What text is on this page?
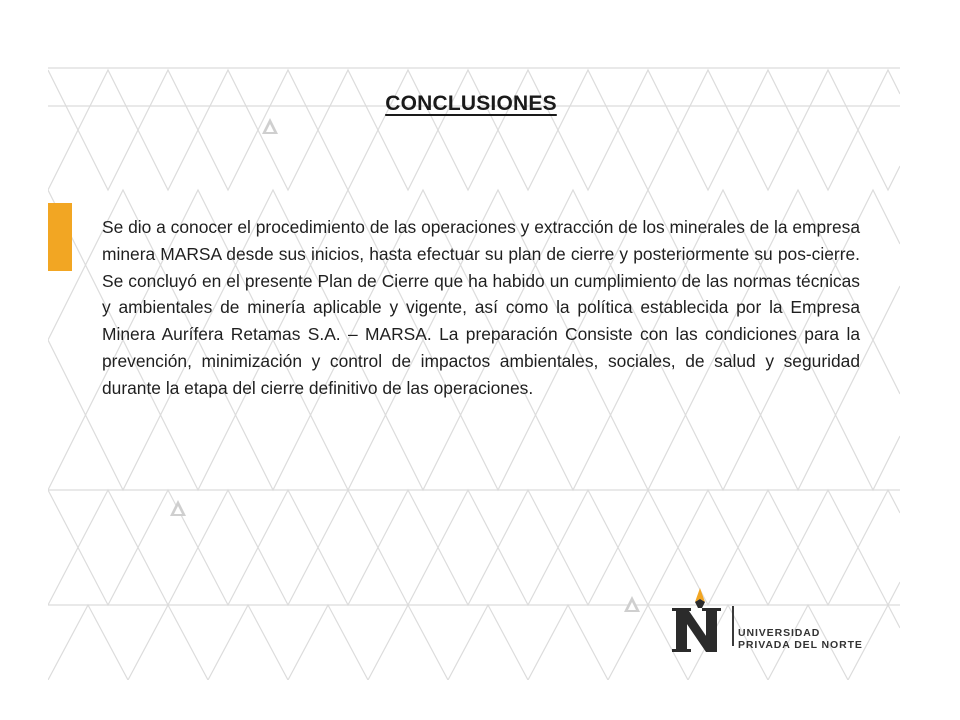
CONCLUSIONES

Se dio a conocer el procedimiento de las operaciones y extracción de los minerales de la empresa minera MARSA desde sus inicios, hasta efectuar su plan de cierre y posteriormente su pos-cierre. Se concluyó en el presente Plan de Cierre que ha habido un cumplimiento de las normas técnicas y ambientales de minería aplicable y vigente, así como la política establecida por la Empresa Minera Aurífera Retamas S.A. – MARSA. La preparación Consiste con las condiciones para la prevención, minimización y control de impactos ambientales, sociales, de salud y seguridad durante la etapa del cierre definitivo de las operaciones.

UNIVERSIDAD
PRIVADA DEL NORTE
